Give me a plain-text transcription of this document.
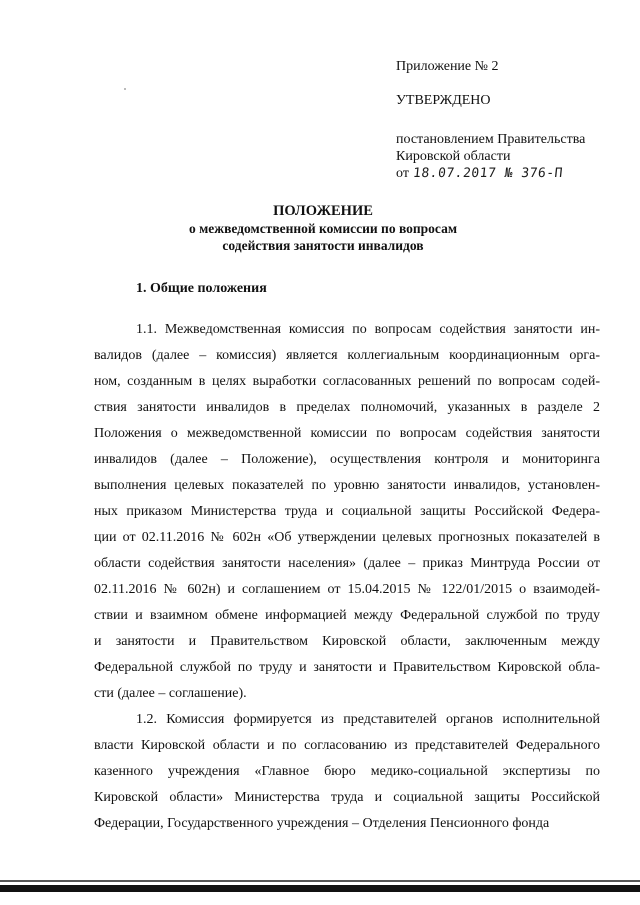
Приложение № 2
УТВЕРЖДЕНО
постановлением Правительства
Кировской области
от 18.07.2017 № 376-П
ПОЛОЖЕНИЕ
о межведомственной комиссии по вопросам
содействия занятости инвалидов
1. Общие положения
1.1. Межведомственная комиссия по вопросам содействия занятости ин-
валидов (далее – комиссия) является коллегиальным координационным орга-
ном, созданным в целях выработки согласованных решений по вопросам содей-
ствия занятости инвалидов в пределах полномочий, указанных в разделе 2
Положения о межведомственной комиссии по вопросам содействия занятости
инвалидов (далее – Положение), осуществления контроля и мониторинга
выполнения целевых показателей по уровню занятости инвалидов, установлен-
ных приказом Министерства труда и социальной защиты Российской Федера-
ции от 02.11.2016 № 602н «Об утверждении целевых прогнозных показателей в
области содействия занятости населения» (далее – приказ Минтруда России от
02.11.2016 № 602н) и соглашением от 15.04.2015 № 122/01/2015 о взаимодей-
ствии и взаимном обмене информацией между Федеральной службой по труду
и занятости и Правительством Кировской области, заключенным между
Федеральной службой по труду и занятости и Правительством Кировской обла-
сти (далее – соглашение).
1.2. Комиссия формируется из представителей органов исполнительной
власти Кировской области и по согласованию из представителей Федерального
казенного учреждения «Главное бюро медико-социальной экспертизы по
Кировской области» Министерства труда и социальной защиты Российской
Федерации, Государственного учреждения – Отделения Пенсионного фонда
